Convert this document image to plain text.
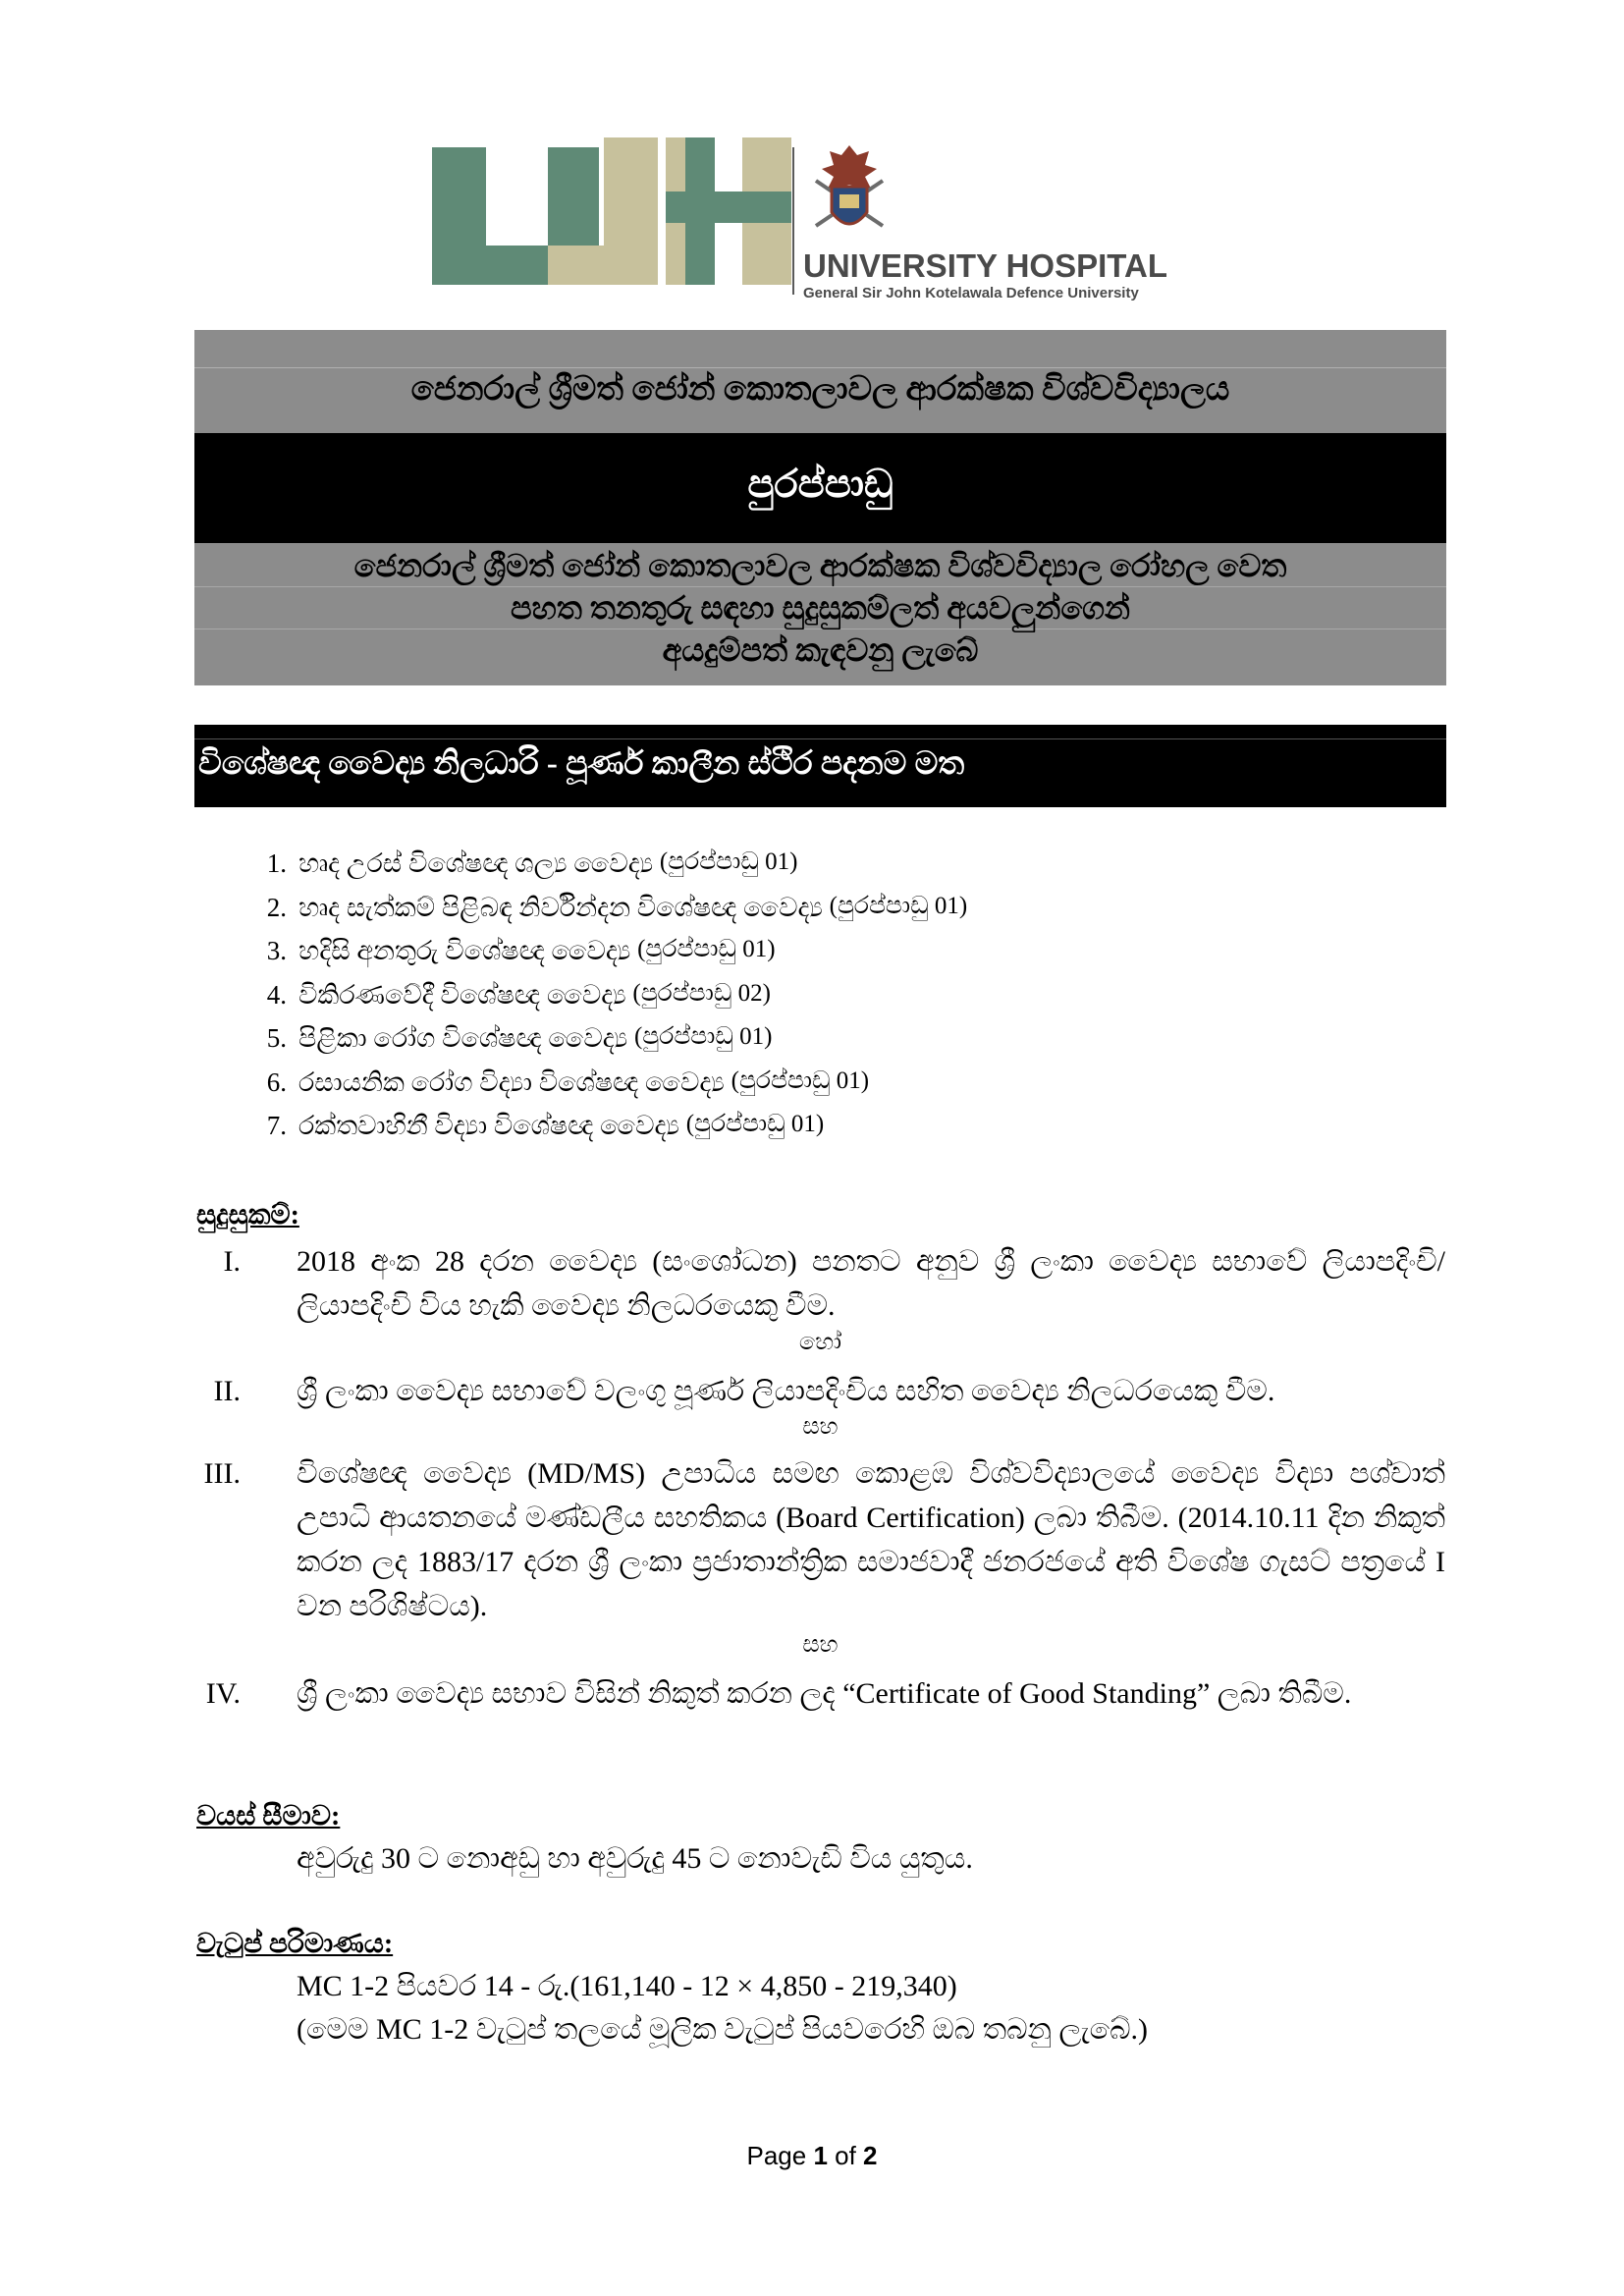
UNIVERSITY HOSPITAL
General Sir John Kotelawala Defence University
ජෙනරාල් ශ්‍රීමත් ජෝන් කොතලාවල ආරක්ෂක විශ්වවිද්‍යාලය
පුරප්පාඩු
ජෙනරාල් ශ්‍රීමත් ජෝන් කොතලාවල ආරක්ෂක විශ්වවිද්‍යාල රෝහල වෙත
පහත තනතුරු සඳහා සුදුසුකම්ලත් අයවලුන්ගෙන්
අයදුම්පත් කැඳවනු ලැබේ
විශේෂඥ වෛද්‍ය නිලධාරි - පූර්ණ කාලීන ස්ථිර පදනම මත
1. හෘද උරස් විශේෂඥ ශල්‍ය වෛද්‍ය
(පුරප්පාඩු 01)
2. හෘද සැත්කම් පිළිබඳ නිර්වින්දන විශේෂඥ වෛද්‍ය
(පුරප්පාඩු 01)
3. හදිසි අනතුරු විශේෂඥ වෛද්‍ය
(පුරප්පාඩු 01)
4. විකිරණවේදී විශේෂඥ වෛද්‍ය
(පුරප්පාඩු 02)
5. පිළිකා රෝග විශේෂඥ වෛද්‍ය
(පුරප්පාඩු 01)
6. රසායනික රෝග විද්‍යා විශේෂඥ වෛද්‍ය
(පුරප්පාඩු 01)
7. රක්තවාහිනී විද්‍යා විශේෂඥ වෛද්‍ය
(පුරප්පාඩු 01)
සුදුසුකම්:
I. 2018 අංක 28 දරන වෛද්‍ය (සංශෝධන) පනතට අනුව ශ්‍රී ලංකා වෛද්‍ය සභාවේ ලියාපදිංචි/ ලියාපදිංචි විය හැකි වෛද්‍ය නිලධරයෙකු වීම.
හෝ
II. ශ්‍රී ලංකා වෛද්‍ය සභාවේ වලංගු පූර්ණ ලියාපදිංචිය සහිත වෛද්‍ය නිලධරයෙකු වීම.
සහ
III. විශේෂඥ වෛද්‍ය (MD/MS) උපාධිය සමඟ කොළඹ විශ්වවිද්‍යාලයේ වෛද්‍ය විද්‍යා පශ්චාත් උපාධි ආයතනයේ මණ්ඩලීය සහතිකය (Board Certification) ලබා තිබීම. (2014.10.11 දින නිකුත් කරන ලද 1883/17 දරන ශ්‍රී ලංකා ප්‍රජාතාන්ත්‍රික සමාජවාදී ජනරජයේ අති විශේෂ ගැසට් පත්‍රයේ I වන පරිශිෂ්ටය).
සහ
IV. ශ්‍රී ලංකා වෛද්‍ය සභාව විසින් නිකුත් කරන ලද “Certificate of Good Standing” ලබා තිබීම.
වයස් සීමාව:
අවුරුදු 30 ට නොඅඩු හා අවුරුදු 45 ට නොවැඩි විය යුතුය.
වැටුප් පරිමාණය:
MC 1-2 පියවර 14 - රු.(161,140 - 12 × 4,850 - 219,340)
(මෙම MC 1-2 වැටුප් තලයේ මූලික වැටුප් පියවරෙහි ඔබ තබනු ලැබේ.)
Page 1 of 2
